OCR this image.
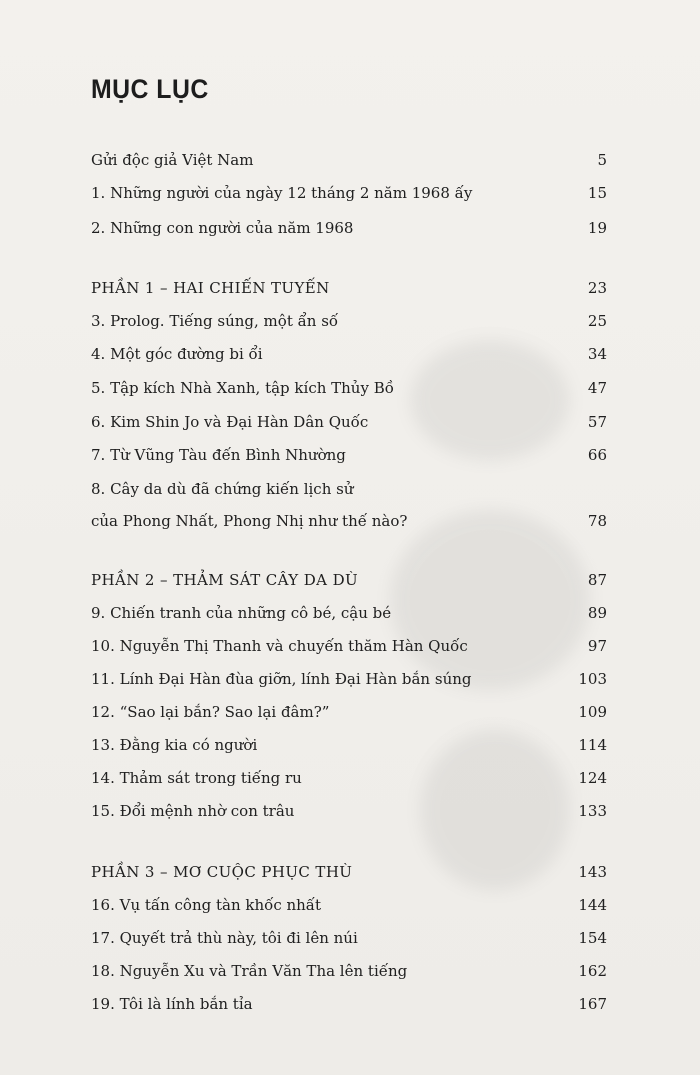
MỤC LỤC
Gửi độc giả Việt Nam	5
1. Những người của ngày 12 tháng 2 năm 1968 ấy	15
2. Những con người của năm 1968	19
PHẦN 1 – HAI CHIẾN TUYẾN	23
3. Prolog. Tiếng súng, một ẩn số	25
4. Một góc đường bi ổi	34
5. Tập kích Nhà Xanh, tập kích Thủy Bồ	47
6. Kim Shin Jo và Đại Hàn Dân Quốc	57
7. Từ Vũng Tàu đến Bình Nhường	66
8. Cây da dù đã chứng kiến lịch sử
của Phong Nhất, Phong Nhị như thế nào?	78
PHẦN 2 – THẢM SÁT CÂY DA DÙ	87
9. Chiến tranh của những cô bé, cậu bé	89
10. Nguyễn Thị Thanh và chuyến thăm Hàn Quốc	97
11. Lính Đại Hàn đùa giỡn, lính Đại Hàn bắn súng	103
12. “Sao lại bắn? Sao lại đâm?”	109
13. Đằng kia có người	114
14. Thảm sát trong tiếng ru	124
15. Đổi mệnh nhờ con trâu	133
PHẦN 3 – MƠ CUỘC PHỤC THÙ	143
16. Vụ tấn công tàn khốc nhất	144
17. Quyết trả thù này, tôi đi lên núi	154
18. Nguyễn Xu và Trần Văn Tha lên tiếng	162
19. Tôi là lính bắn tỉa	167
